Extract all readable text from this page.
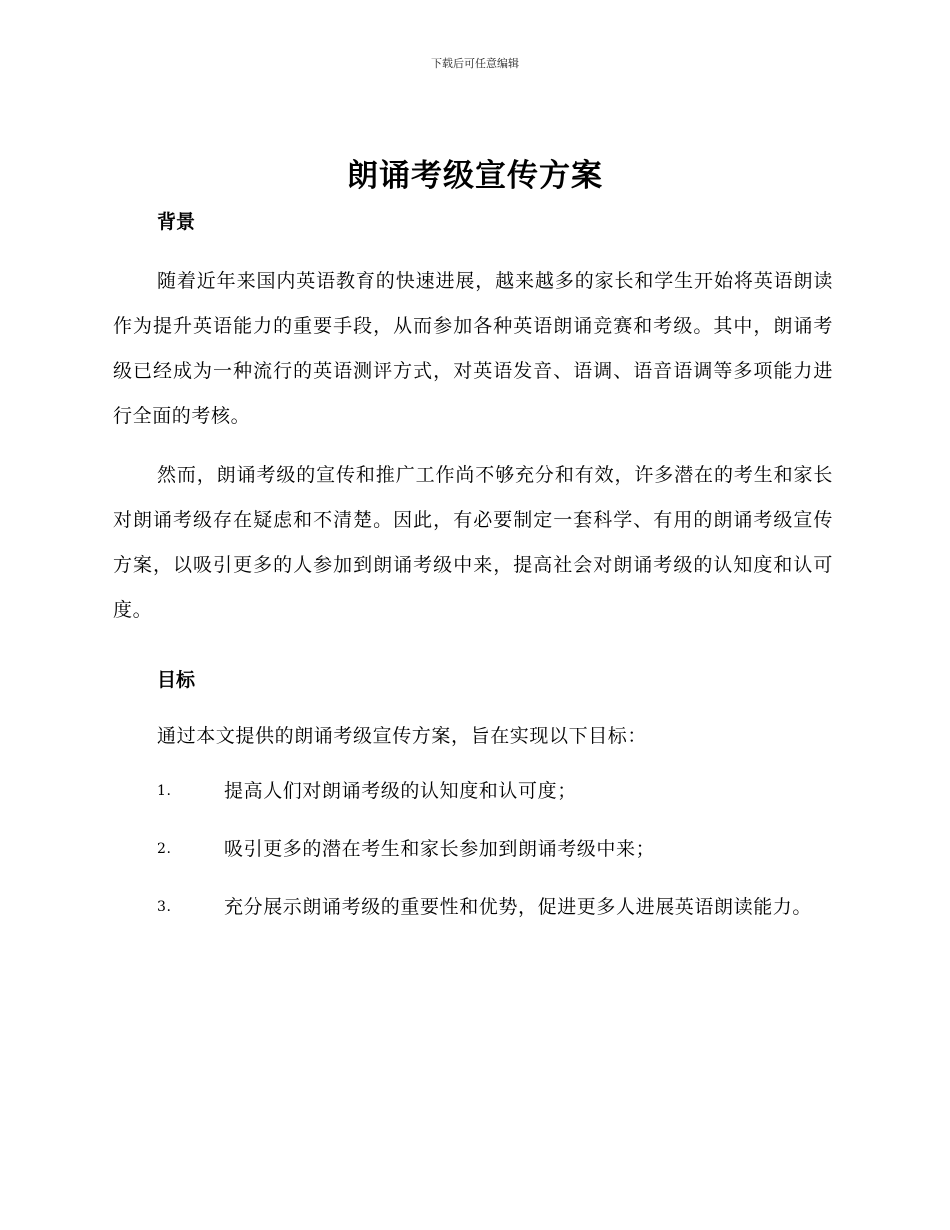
下载后可任意编辑
朗诵考级宣传方案
背景

随着近年来国内英语教育的快速进展，越来越多的家长和学生开始将英语朗读作为提升英语能力的重要手段，从而参加各种英语朗诵竞赛和考级。其中，朗诵考级已经成为一种流行的英语测评方式，对英语发音、语调、语音语调等多项能力进行全面的考核。

然而，朗诵考级的宣传和推广工作尚不够充分和有效，许多潜在的考生和家长对朗诵考级存在疑虑和不清楚。因此，有必要制定一套科学、有用的朗诵考级宣传方案，以吸引更多的人参加到朗诵考级中来，提高社会对朗诵考级的认知度和认可度。

目标

通过本文提供的朗诵考级宣传方案，旨在实现以下目标：

1.	提高人们对朗诵考级的认知度和认可度；
2.	吸引更多的潜在考生和家长参加到朗诵考级中来；
3.	充分展示朗诵考级的重要性和优势，促进更多人进展英语朗读能力。
